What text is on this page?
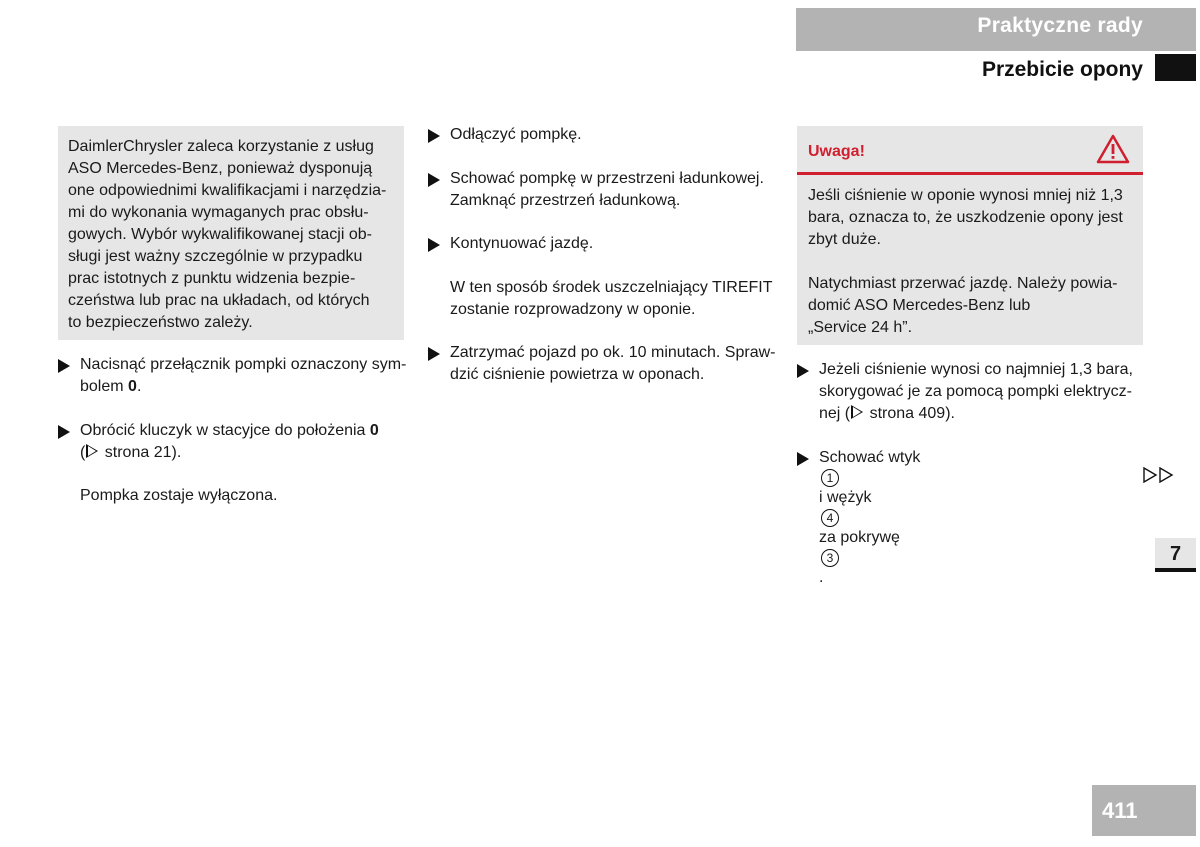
Praktyczne rady
Przebicie opony
DaimlerChrysler zaleca korzystanie z usług
ASO Mercedes-Benz, ponieważ dysponują
one odpowiednimi kwalifikacjami i narzędzia-
mi do wykonania wymaganych prac obsłu-
gowych. Wybór wykwalifikowanej stacji ob-
sługi jest ważny szczególnie w przypadku
prac istotnych z punktu widzenia bezpie-
czeństwa lub prac na układach, od których
to bezpieczeństwo zależy.
Nacisnąć przełącznik pompki oznaczony sym-
bolem 0.
Obrócić kluczyk w stacyjce do położenia 0
( strona 21).
Pompka zostaje wyłączona.
Odłączyć pompkę.
Schować pompkę w przestrzeni ładunkowej.
Zamknąć przestrzeń ładunkową.
Kontynuować jazdę.
W ten sposób środek uszczelniający TIREFIT
zostanie rozprowadzony w oponie.
Zatrzymać pojazd po ok. 10 minutach. Spraw-
dzić ciśnienie powietrza w oponach.
Uwaga!
Jeśli ciśnienie w oponie wynosi mniej niż 1,3
bara, oznacza to, że uszkodzenie opony jest
zbyt duże.
Natychmiast przerwać jazdę. Należy powia-
domić ASO Mercedes-Benz lub
„Service 24 h”.
Jeżeli ciśnienie wynosi co najmniej 1,3 bara,
skorygować je za pomocą pompki elektrycz-
nej ( strona 409).
Schować wtyk
1
i wężyk
4
za pokrywę
3
.
7
411
